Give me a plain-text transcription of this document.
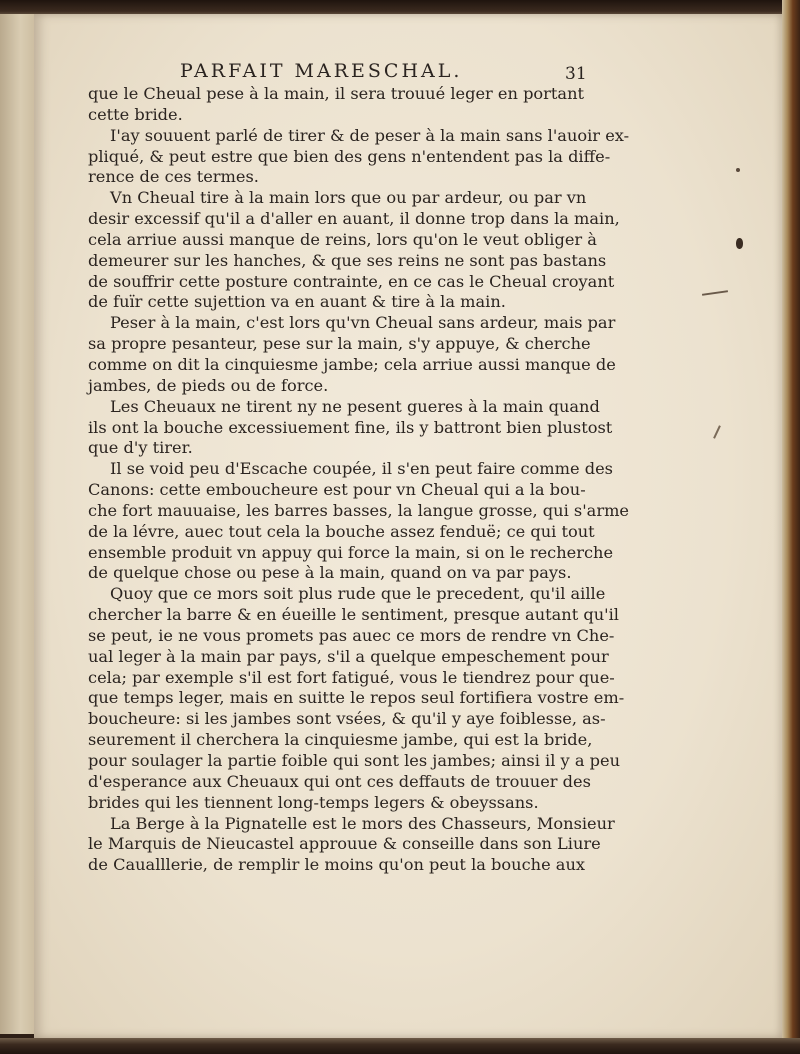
PARFAIT MARESCHAL.	31
que le Cheual pese à la main, il sera trouué leger en portant
cette bride.
I'ay souuent parlé de tirer & de peser à la main sans l'auoir ex-
pliqué, & peut estre que bien des gens n'entendent pas la diffe-
rence de ces termes.
Vn Cheual tire à la main lors que ou par ardeur, ou par vn
desir excessif qu'il a d'aller en auant, il donne trop dans la main,
cela arriue aussi manque de reins, lors qu'on le veut obliger à
demeurer sur les hanches, & que ses reins ne sont pas bastans
de souffrir cette posture contrainte, en ce cas le Cheual croyant
de fuïr cette sujettion va en auant & tire à la main.
Peser à la main, c'est lors qu'vn Cheual sans ardeur, mais par
sa propre pesanteur, pese sur la main, s'y appuye, & cherche
comme on dit la cinquiesme jambe; cela arriue aussi manque de
jambes, de pieds ou de force.
Les Cheuaux ne tirent ny ne pesent gueres à la main quand
ils ont la bouche excessiuement fine, ils y battront bien plustost
que d'y tirer.
Il se void peu d'Escache coupée, il s'en peut faire comme des
Canons: cette emboucheure est pour vn Cheual qui a la bou-
che fort mauuaise, les barres basses, la langue grosse, qui s'arme
de la lévre, auec tout cela la bouche assez fenduë; ce qui tout
ensemble produit vn appuy qui force la main, si on le recherche
de quelque chose ou pese à la main, quand on va par pays.
Quoy que ce mors soit plus rude que le precedent, qu'il aille
chercher la barre & en éueille le sentiment, presque autant qu'il
se peut, ie ne vous promets pas auec ce mors de rendre vn Che-
ual leger à la main par pays, s'il a quelque empeschement pour
cela; par exemple s'il est fort fatigué, vous le tiendrez pour que-
que temps leger, mais en suitte le repos seul fortifiera vostre em-
boucheure: si les jambes sont vsées, & qu'il y aye foiblesse, as-
seurement il cherchera la cinquiesme jambe, qui est la bride,
pour soulager la partie foible qui sont les jambes; ainsi il y a peu
d'esperance aux Cheuaux qui ont ces deffauts de trouuer des
brides qui les tiennent long-temps legers & obeyssans.
La Berge à la Pignatelle est le mors des Chasseurs, Monsieur
le Marquis de Nieucastel approuue & conseille dans son Liure
de Caualllerie, de remplir le moins qu'on peut la bouche aux
